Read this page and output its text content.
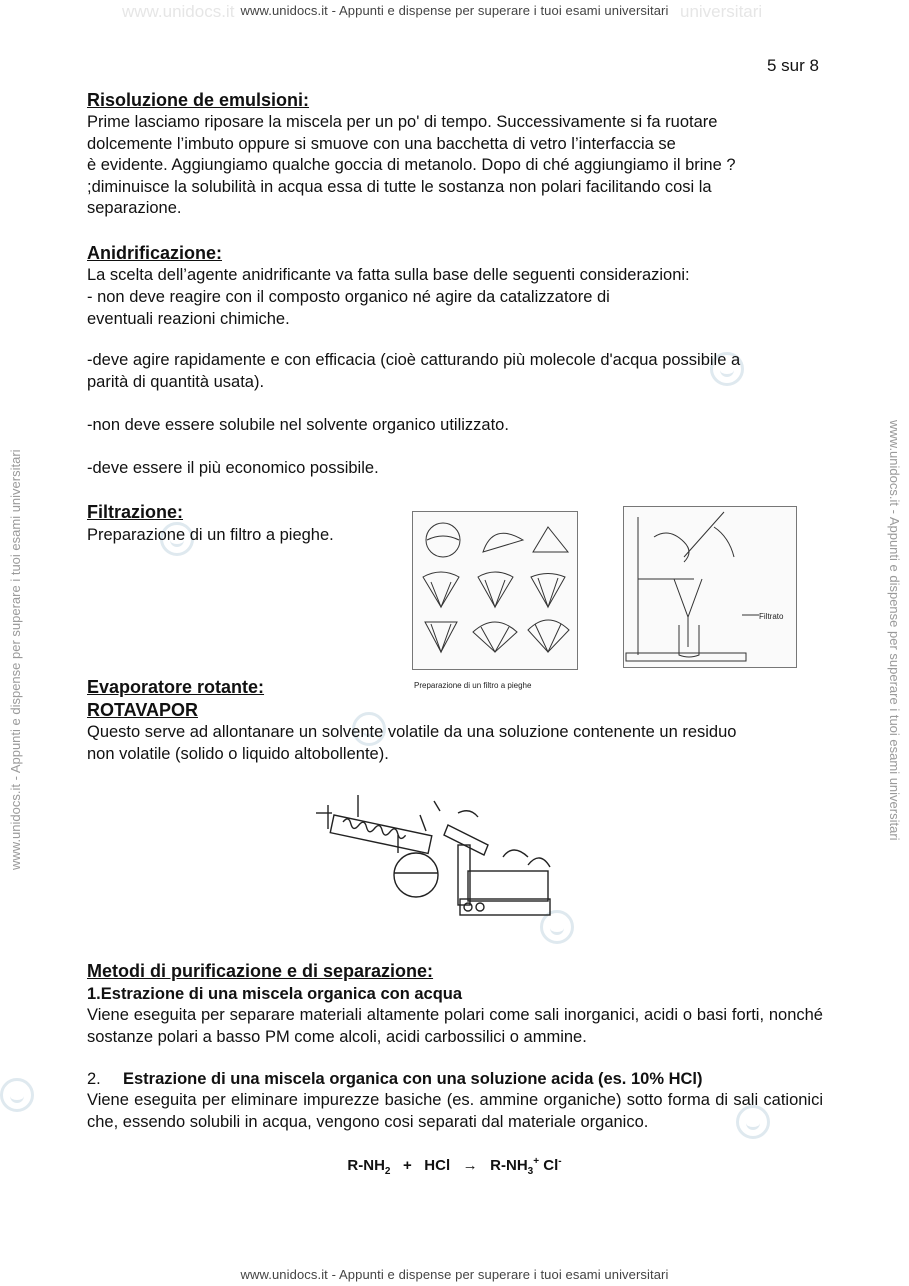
www.unidocs.it	universitari
www.unidocs.it - Appunti e dispense per superare i tuoi esami universitari
www.unidocs.it - Appunti e dispense per superare i tuoi esami universitari
www.unidocs.it - Appunti e dispense per superare i tuoi esami universitari	www.unidocs.it - Appunti e dispense per superare i tuoi esami universitari
5 sur 8
Risoluzione de emulsioni:
Prime lasciamo riposare la miscela per un po' di tempo. Successivamente si fa ruotare
dolcemente l’imbuto oppure si smuove con una bacchetta di vetro l’interfaccia se
è evidente. Aggiungiamo qualche goccia di metanolo. Dopo di ché aggiungiamo il brine ?
;diminuisce la solubilità in acqua essa di tutte le sostanza non polari facilitando cosi la
separazione.
Anidrificazione:
La scelta dell’agente anidrificante va fatta sulla base delle seguenti considerazioni:
- non deve reagire con il composto organico né agire da catalizzatore di
eventuali reazioni chimiche.
-deve agire rapidamente e con efficacia (cioè catturando più molecole d'acqua possibile a
parità di quantità usata).
-non deve essere solubile nel solvente organico utilizzato.
-deve essere il più economico possibile.
Filtrazione:
Preparazione di un filtro a pieghe.
Preparazione di un filtro a pieghe
Filtrato
Evaporatore rotante:
ROTAVAPOR
Questo serve ad allontanare un solvente volatile da una soluzione contenente un residuo
non volatile (solido o liquido altobollente).
Metodi di purificazione e di separazione:
1.Estrazione di una miscela organica con acqua
Viene eseguita per separare materiali altamente polari come sali inorganici, acidi o basi forti, nonché sostanze polari a basso PM come alcoli, acidi carbossilici o ammine.
2.	Estrazione di una miscela organica con una soluzione acida (es. 10% HCl)
Viene eseguita per eliminare impurezze basiche (es. ammine organiche) sotto forma di sali cationici che, essendo solubili in acqua, vengono cosi separati dal materiale organico.
$R-NH_2$ + HCl → $R-NH_3^+$ Cl-
